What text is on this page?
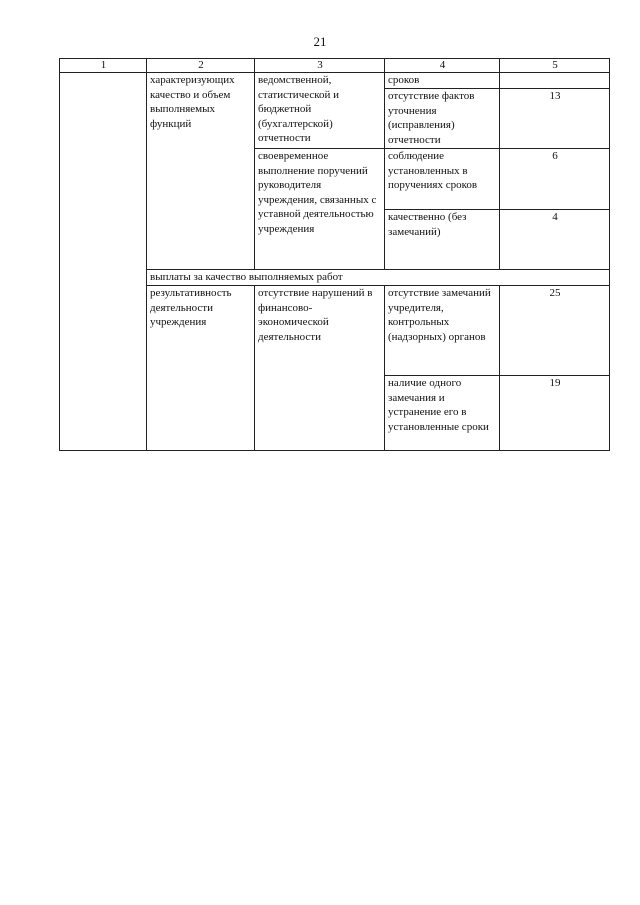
21
1	2	3	4	5
	характеризующих качество и объем выполняемых функций	ведомственной, статистической и бюджетной (бухгалтерской) отчетности	сроков	
			отсутствие фактов уточнения (исправления) отчетности	13
		своевременное выполнение поручений руководителя учреждения, связанных с уставной деятельностью учреждения	соблюдение установленных в поручениях сроков	6
			качественно (без замечаний)	4
	выплаты за качество выполняемых работ			
	результативность деятельности учреждения	отсутствие нарушений в финансово-экономической деятельности	отсутствие замечаний учредителя, контрольных (надзорных) органов	25
			наличие одного замечания и устранение его в установленные сроки	19
